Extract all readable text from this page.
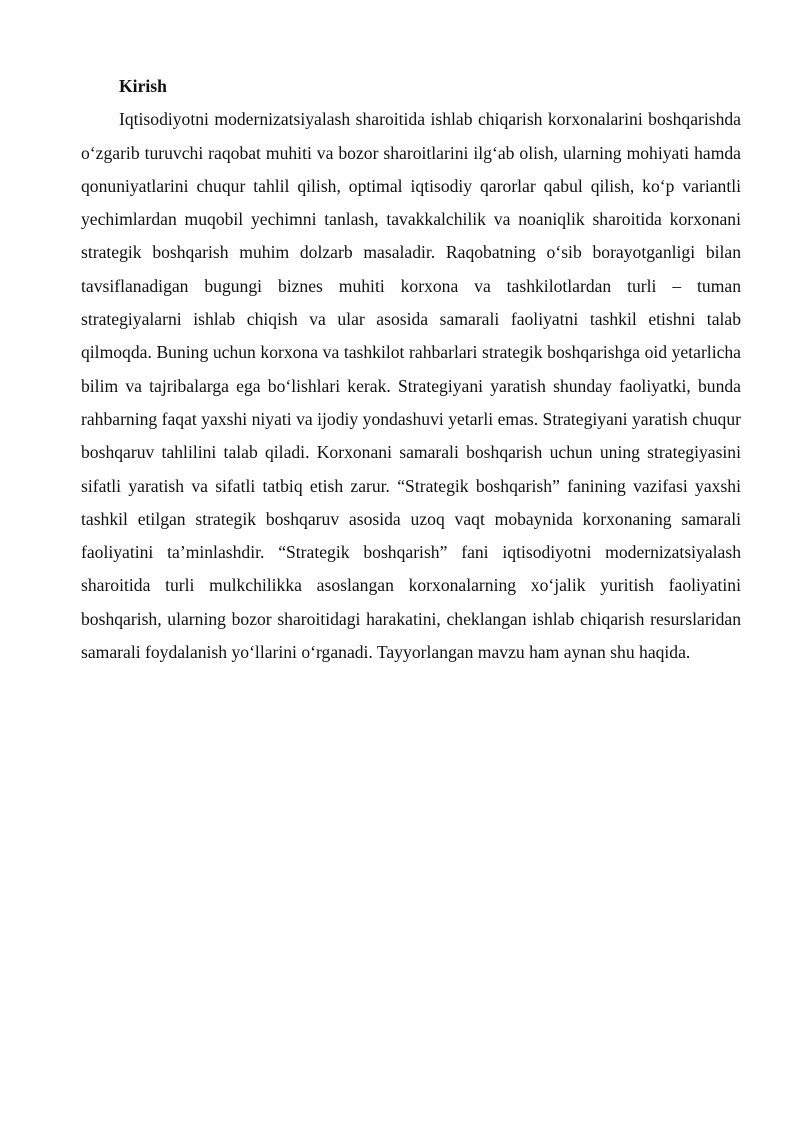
Kirish

Iqtisodiyotni modernizatsiyalash sharoitida ishlab chiqarish korxonalarini boshqarishda o‘zgarib turuvchi raqobat muhiti va bozor sharoitlarini ilg‘ab olish, ularning mohiyati hamda qonuniyatlarini chuqur tahlil qilish, optimal iqtisodiy qarorlar qabul qilish, ko‘p variantli yechimlardan muqobil yechimni tanlash, tavakkalchilik va noaniqlik sharoitida korxonani strategik boshqarish muhim dolzarb masaladir. Raqobatning o‘sib borayotganligi bilan tavsiflanadigan bugungi biznes muhiti korxona va tashkilotlardan turli – tuman strategiyalarni ishlab chiqish va ular asosida samarali faoliyatni tashkil etishni talab qilmoqda. Buning uchun korxona va tashkilot rahbarlari strategik boshqarishga oid yetarlicha bilim va tajribalarga ega bo‘lishlari kerak. Strategiyani yaratish shunday faoliyatki, bunda rahbarning faqat yaxshi niyati va ijodiy yondashuvi yetarli emas. Strategiyani yaratish chuqur boshqaruv tahlilini talab qiladi. Korxonani samarali boshqarish uchun uning strategiyasini sifatli yaratish va sifatli tatbiq etish zarur. “Strategik boshqarish” fanining vazifasi yaxshi tashkil etilgan strategik boshqaruv asosida uzoq vaqt mobaynida korxonaning samarali faoliyatini ta’minlashdir. “Strategik boshqarish” fani iqtisodiyotni modernizatsiyalash sharoitida turli mulkchilikka asoslangan korxonalarning xo‘jalik yuritish faoliyatini boshqarish, ularning bozor sharoitidagi harakatini, cheklangan ishlab chiqarish resurslaridan samarali foydalanish yo‘llarini o‘rganadi. Tayyorlangan mavzu ham aynan shu haqida.
